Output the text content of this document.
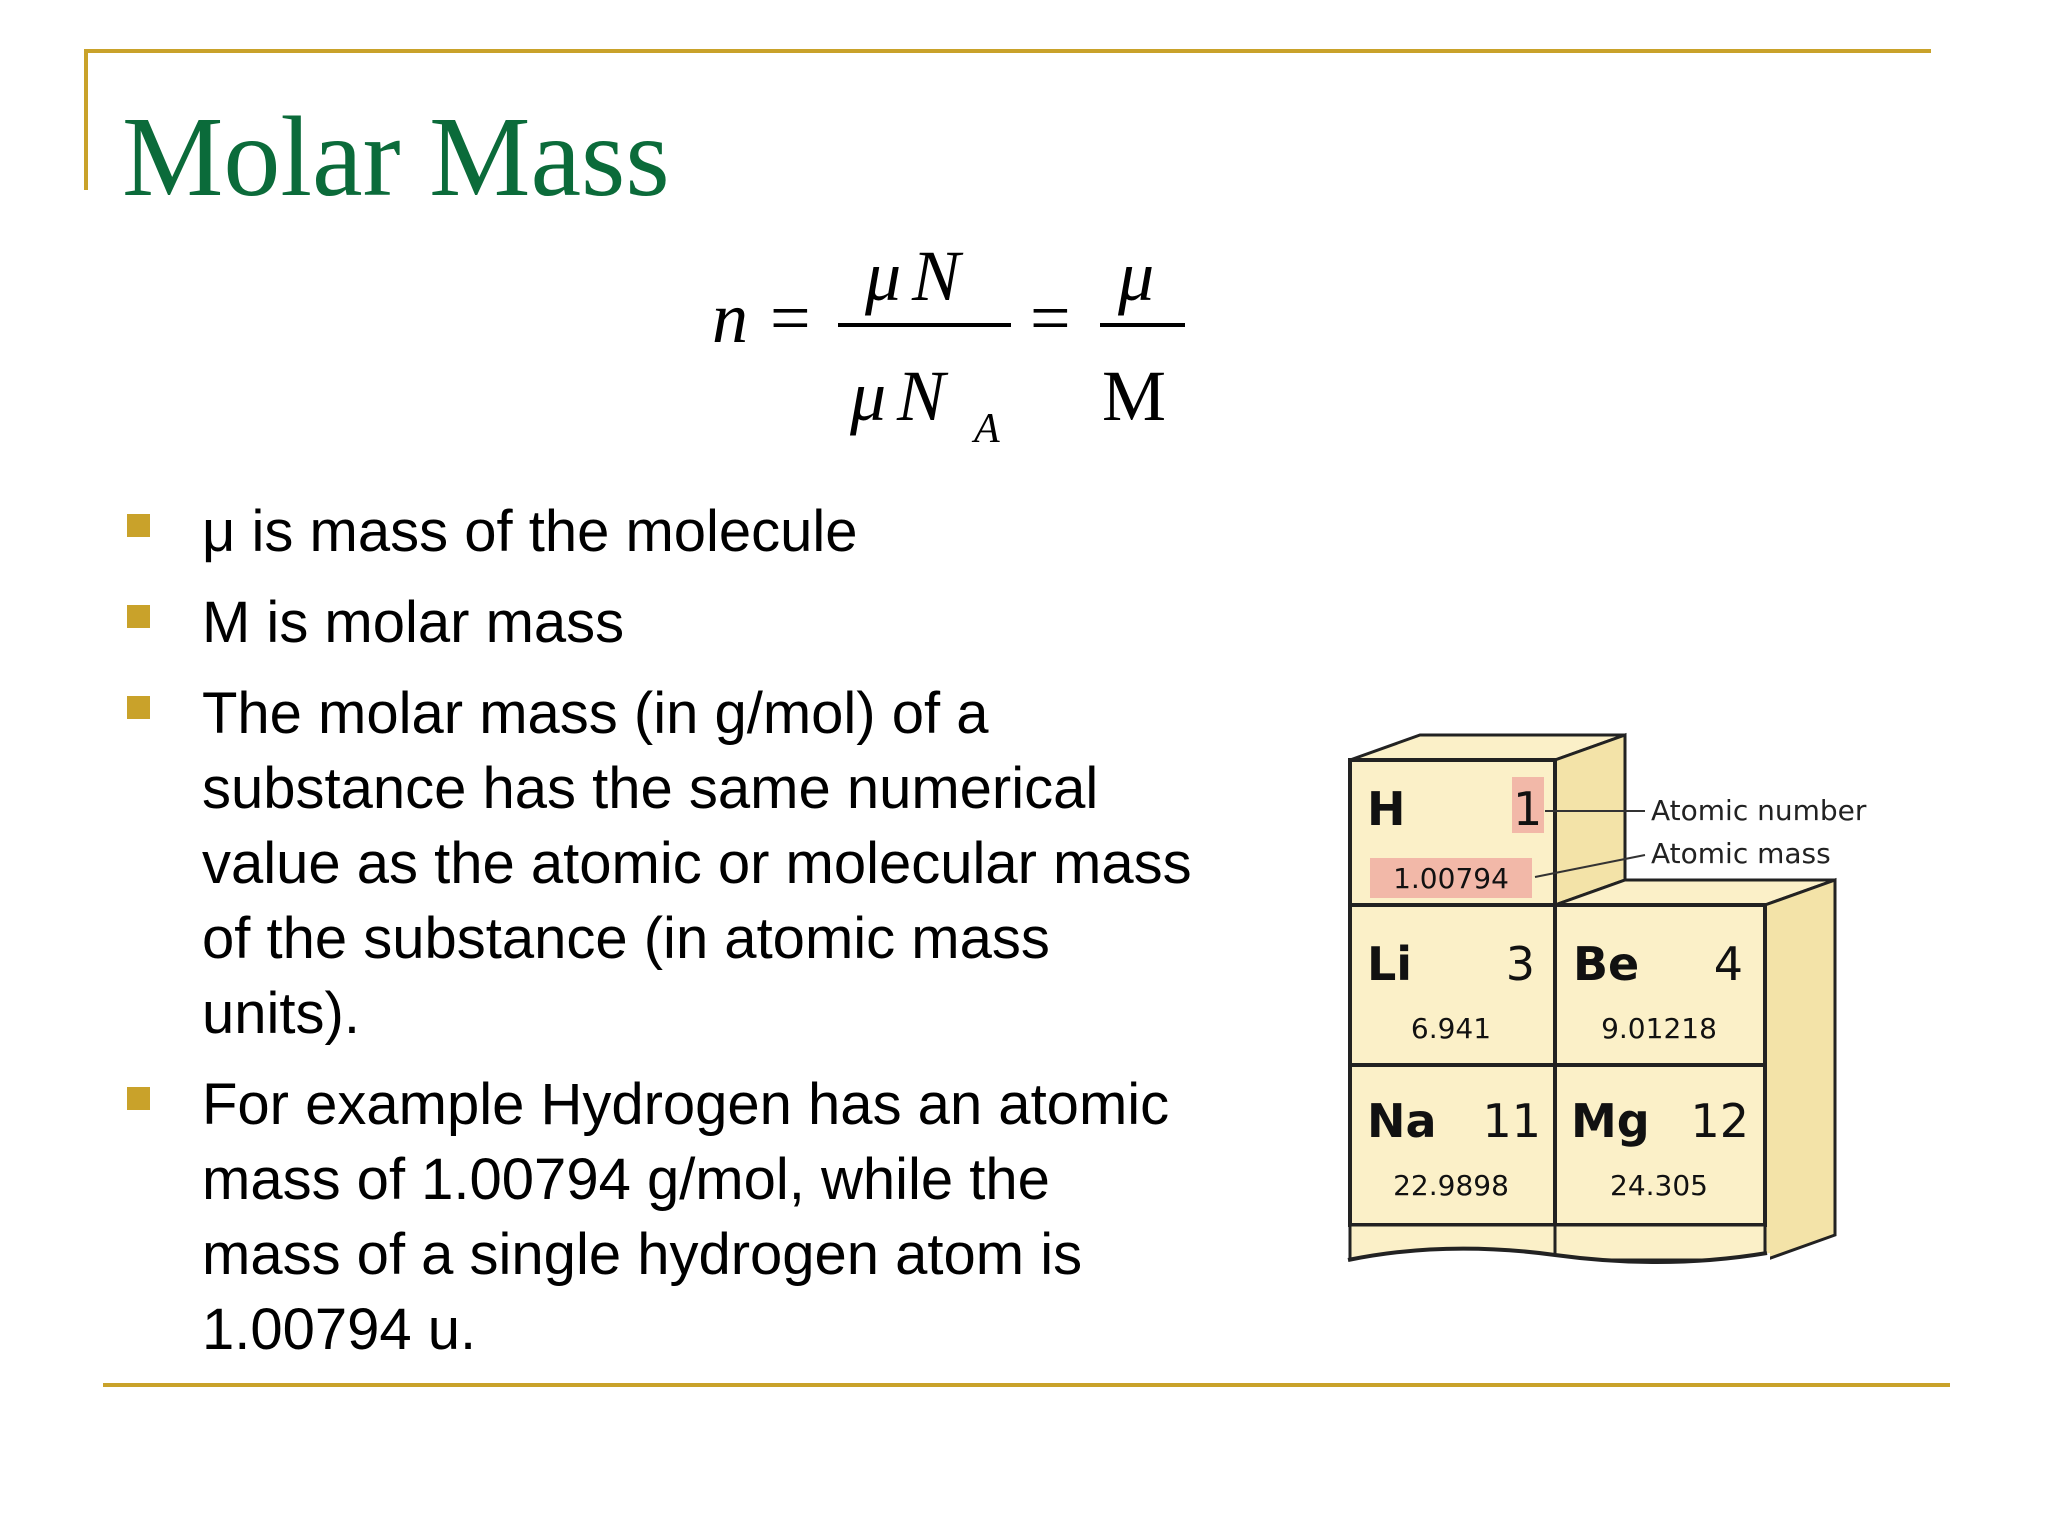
Molar Mass
n =
μ N
μ N A
=
μ
M
μ is mass of the molecule
M is molar mass
The molar mass (in g/mol) of a substance has the same numerical value as the atomic or molecular mass of the substance (in atomic mass units).
For example Hydrogen has an atomic mass of 1.00794 g/mol, while the mass of a single hydrogen atom is 1.00794 u.
H 1
1.00794
Li 3
6.941
Be 4
9.01218
Na 11
22.9898
Mg 12
24.305
Atomic number
Atomic mass
